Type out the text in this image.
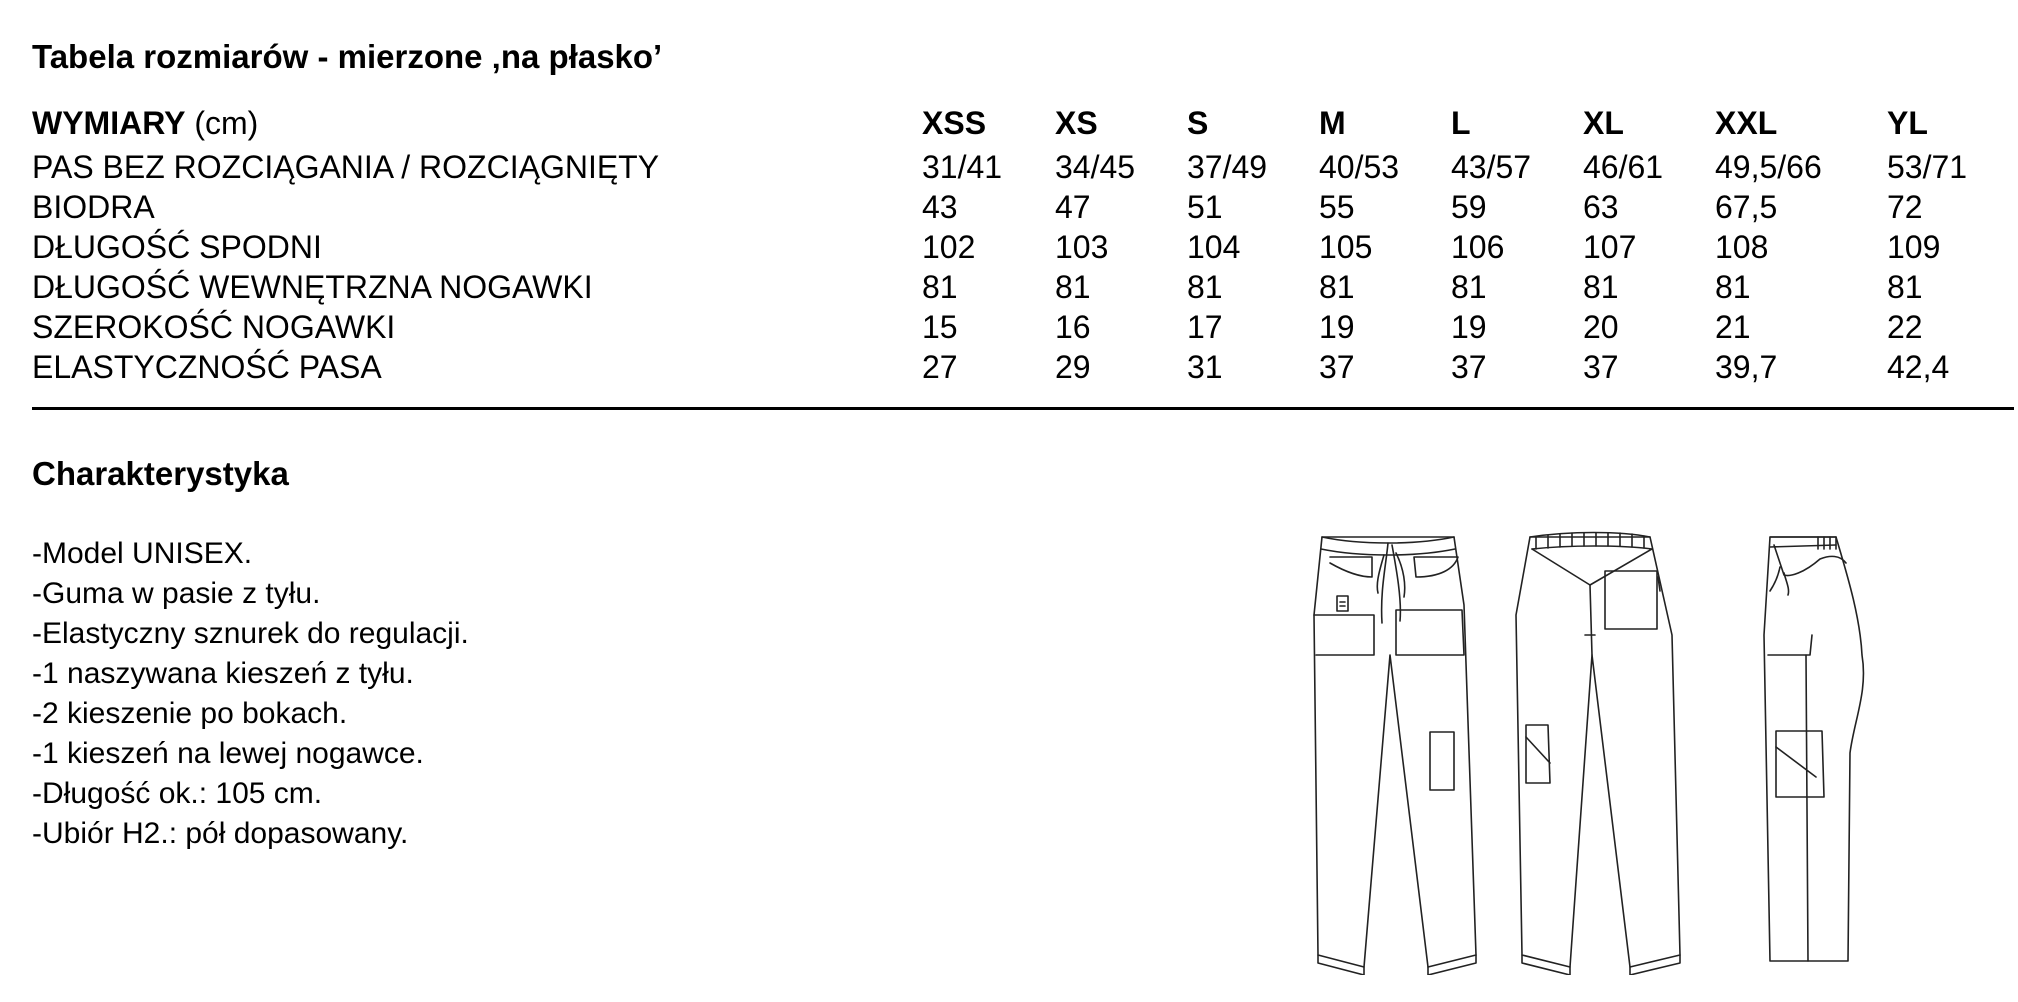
Tabela rozmiarów - mierzone ‚na płasko’
WYMIARY (cm)	XSS XS	S	M	L	XL	XXL	YL
PAS BEZ ROZCIĄGANIA / ROZCIĄGNIĘTY	31/41 34/45 37/49 40/53 43/57 46/61 49,5/66 53/71
BIODRA	43	47	51	55	59	63	67,5	72
DŁUGOŚĆ SPODNI	102 103 104 105 106 107 108	109
DŁUGOŚĆ WEWNĘTRZNA NOGAWKI	81	81	81	81	81	81	81	81
SZEROKOŚĆ NOGAWKI	15	16	17	19	19	20	21	22
ELASTYCZNOŚĆ PASA	27	29	31	37	37	37	39,7	42,4
Charakterystyka
-Model UNISEX.
-Guma w pasie z tyłu.
-Elastyczny sznurek do regulacji.
-1 naszywana kieszeń z tyłu.
-2 kieszenie po bokach.
-1 kieszeń na lewej nogawce.
-Długość ok.: 105 cm.
-Ubiór H2.: pół dopasowany.
